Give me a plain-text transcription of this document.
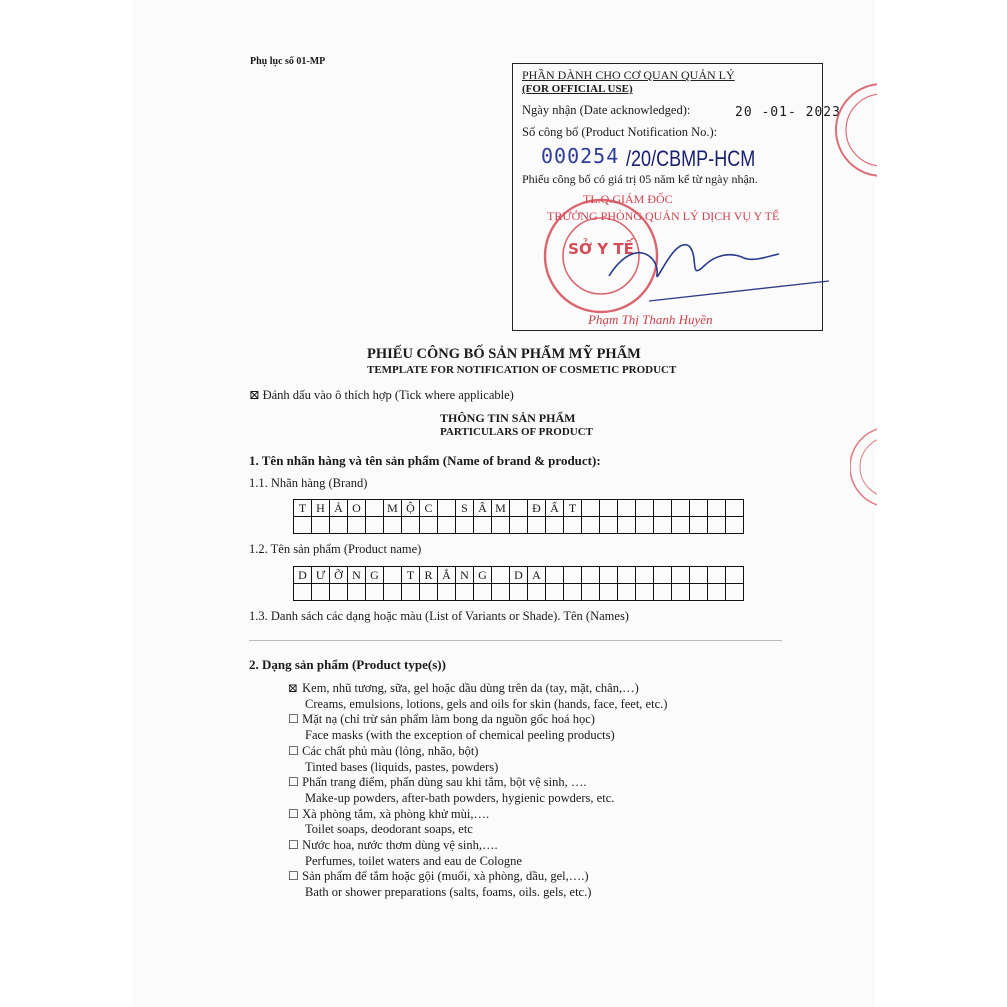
Phụ lục số 01-MP
PHẦN DÀNH CHO CƠ QUAN QUẢN LÝ
(FOR OFFICIAL USE)
Ngày nhận (Date acknowledged):	20 -01- 2023
Số công bố (Product Notification No.):
000254 /20/CBMP-HCM
Phiếu công bố có giá trị 05 năm kể từ ngày nhận.
TL.Q.GIÁM ĐỐC
TRƯỞNG PHÒNG QUẢN LÝ DỊCH VỤ Y TẾ
Phạm Thị Thanh Huyền
SỞ Y TẾ
PHIẾU CÔNG BỐ SẢN PHẨM MỸ PHẨM
TEMPLATE FOR NOTIFICATION OF COSMETIC PRODUCT
⊠ Đánh dấu vào ô thích hợp (Tick where applicable)
THÔNG TIN SẢN PHẨM
PARTICULARS OF PRODUCT
1. Tên nhãn hàng và tên sản phẩm (Name of brand & product):
1.1. Nhãn hàng (Brand)
T H Ả O	M Ộ C	S Â M	Đ Ấ T
1.2. Tên sản phẩm (Product name)
D Ư Ỡ N G	T R Ắ N G	D A
1.3. Danh sách các dạng hoặc màu (List of Variants or Shade). Tên (Names)
2. Dạng sản phẩm (Product type(s))
⊠ Kem, nhũ tương, sữa, gel hoặc dầu dùng trên da (tay, mặt, chân,…)
Creams, emulsions, lotions, gels and oils for skin (hands, face, feet, etc.)
☐ Mặt nạ (chỉ trừ sản phẩm làm bong da nguồn gốc hoá học)
Face masks (with the exception of chemical peeling products)
☐ Các chất phủ màu (lỏng, nhão, bột)
Tinted bases (liquids, pastes, powders)
☐ Phấn trang điểm, phấn dùng sau khi tắm, bột vệ sinh, ….
Make-up powders, after-bath powders, hygienic powders, etc.
☐ Xà phòng tắm, xà phòng khử mùi,….
Toilet soaps, deodorant soaps, etc
☐ Nước hoa, nước thơm dùng vệ sinh,….
Perfumes, toilet waters and eau de Cologne
☐ Sản phẩm để tắm hoặc gội (muối, xà phòng, dầu, gel,….)
Bath or shower preparations (salts, foams, oils. gels, etc.)
